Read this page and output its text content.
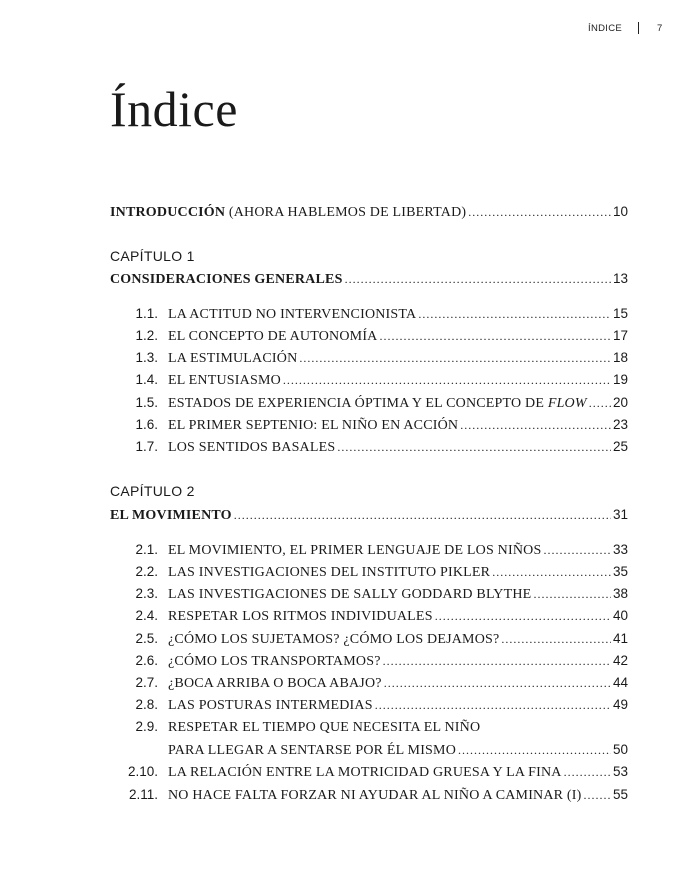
ÍNDICE	7
Índice
INTRODUCCIÓN (AHORA HABLEMOS DE LIBERTAD) .....	10
CAPÍTULO 1
CONSIDERACIONES GENERALES .....	13
1.1. LA ACTITUD NO INTERVENCIONISTA .....	15
1.2. EL CONCEPTO DE AUTONOMÍA .....	17
1.3. LA ESTIMULACIÓN .....	18
1.4. EL ENTUSIASMO .....	19
1.5. ESTADOS DE EXPERIENCIA ÓPTIMA Y EL CONCEPTO DE FLOW ..... 20
1.6. EL PRIMER SEPTENIO: EL NIÑO EN ACCIÓN .....	23
1.7. LOS SENTIDOS BASALES .....	25
CAPÍTULO 2
EL MOVIMIENTO .....	31
2.1. EL MOVIMIENTO, EL PRIMER LENGUAJE DE LOS NIÑOS .....	33
2.2. LAS INVESTIGACIONES DEL INSTITUTO PIKLER .....	35
2.3. LAS INVESTIGACIONES DE SALLY GODDARD BLYTHE .....	38
2.4. RESPETAR LOS RITMOS INDIVIDUALES .....	40
2.5. ¿CÓMO LOS SUJETAMOS? ¿CÓMO LOS DEJAMOS? .....	41
2.6. ¿CÓMO LOS TRANSPORTAMOS? .....	42
2.7. ¿BOCA ARRIBA O BOCA ABAJO? .....	44
2.8. LAS POSTURAS INTERMEDIAS .....	49
2.9. RESPETAR EL TIEMPO QUE NECESITA EL NIÑO
PARA LLEGAR A SENTARSE POR ÉL MISMO .....	50
2.10. LA RELACIÓN ENTRE LA MOTRICIDAD GRUESA Y LA FINA .....	53
2.11. NO HACE FALTA FORZAR NI AYUDAR AL NIÑO A CAMINAR (I) ..... 55
